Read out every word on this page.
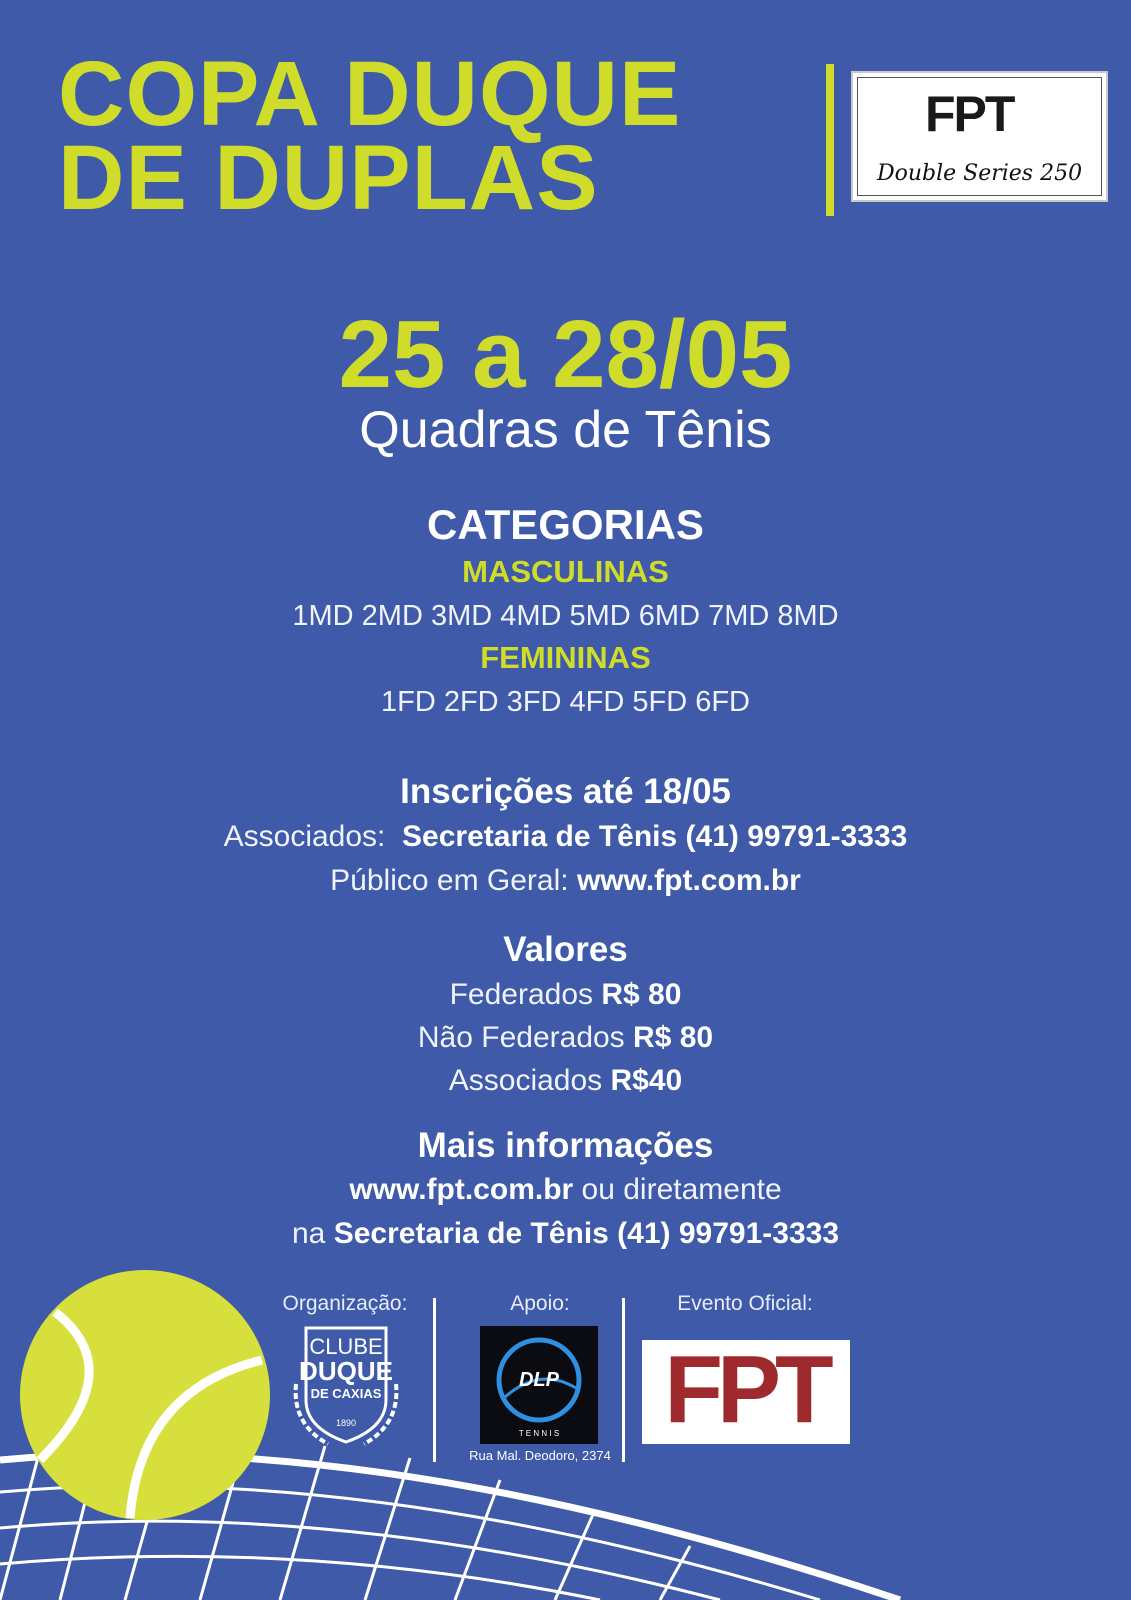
COPA DUQUE
DE DUPLAS
FPT
Double Series 250
25 a 28/05
Quadras de Tênis
CATEGORIAS
MASCULINAS
1MD 2MD 3MD 4MD 5MD 6MD 7MD 8MD
FEMININAS
1FD 2FD 3FD 4FD 5FD 6FD
Inscrições até 18/05
Associados: Secretaria de Tênis (41) 99791-3333
Público em Geral: www.fpt.com.br
Valores
Federados R$ 80
Não Federados R$ 80
Associados R$40
Mais informações
www.fpt.com.br ou diretamente
na Secretaria de Tênis (41) 99791-3333
Organização:	Apoio:	Evento Oficial:
CLUBE
DUQUE
DE CAXIAS
1890
DLP
T E N N I S
Rua Mal. Deodoro, 2374
FPT
